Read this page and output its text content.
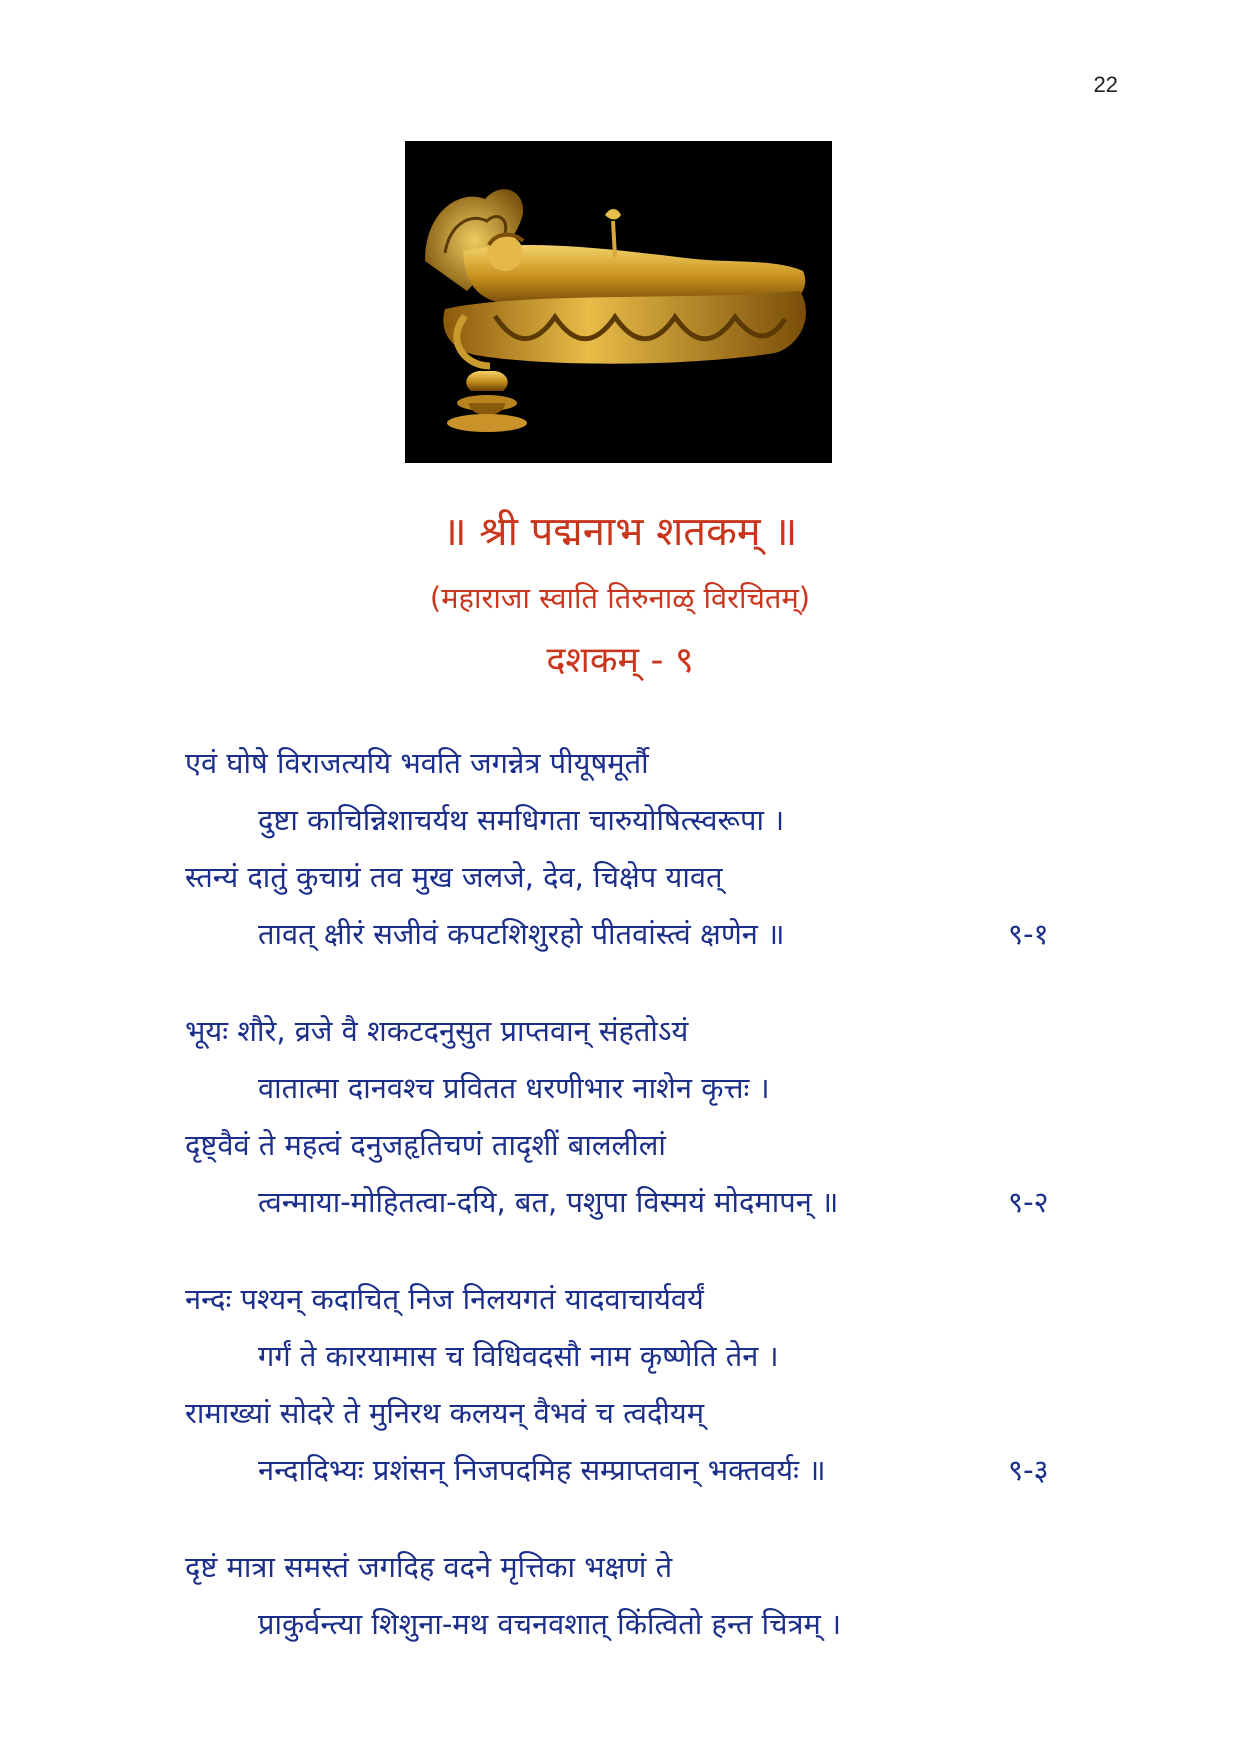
22
॥ श्री पद्मनाभ शतकम् ॥
(महाराजा स्वाति तिरुनाळ् विरचितम्)
दशकम् - ९
एवं घोषे विराजत्ययि भवति जगन्नेत्र पीयूषमूर्तौ
दुष्टा काचिन्निशाचर्यथ समधिगता चारुयोषित्स्वरूपा ।
स्तन्यं दातुं कुचाग्रं तव मुख जलजे, देव, चिक्षेप यावत्
तावत् क्षीरं सजीवं कपटशिशुरहो पीतवांस्त्वं क्षणेन ॥	९-१
भूयः शौरे, व्रजे वै शकटदनुसुत प्राप्तवान् संहतोऽयं
वातात्मा दानवश्च प्रवितत धरणीभार नाशेन कृत्तः ।
दृष्ट्वैवं ते महत्वं दनुजहृतिचणं तादृशीं बाललीलां
त्वन्माया-मोहितत्वा-दयि, बत, पशुपा विस्मयं मोदमापन् ॥	९-२
नन्दः पश्यन् कदाचित् निज निलयगतं यादवाचार्यवर्यं
गर्गं ते कारयामास च विधिवदसौ नाम कृष्णेति तेन ।
रामाख्यां सोदरे ते मुनिरथ कलयन् वैभवं च त्वदीयम्
नन्दादिभ्यः प्रशंसन् निजपदमिह सम्प्राप्तवान् भक्तवर्यः ॥	९-३
दृष्टं मात्रा समस्तं जगदिह वदने मृत्तिका भक्षणं ते
प्राकुर्वन्त्या शिशुना-मथ वचनवशात् किंत्वितो हन्त चित्रम् ।
